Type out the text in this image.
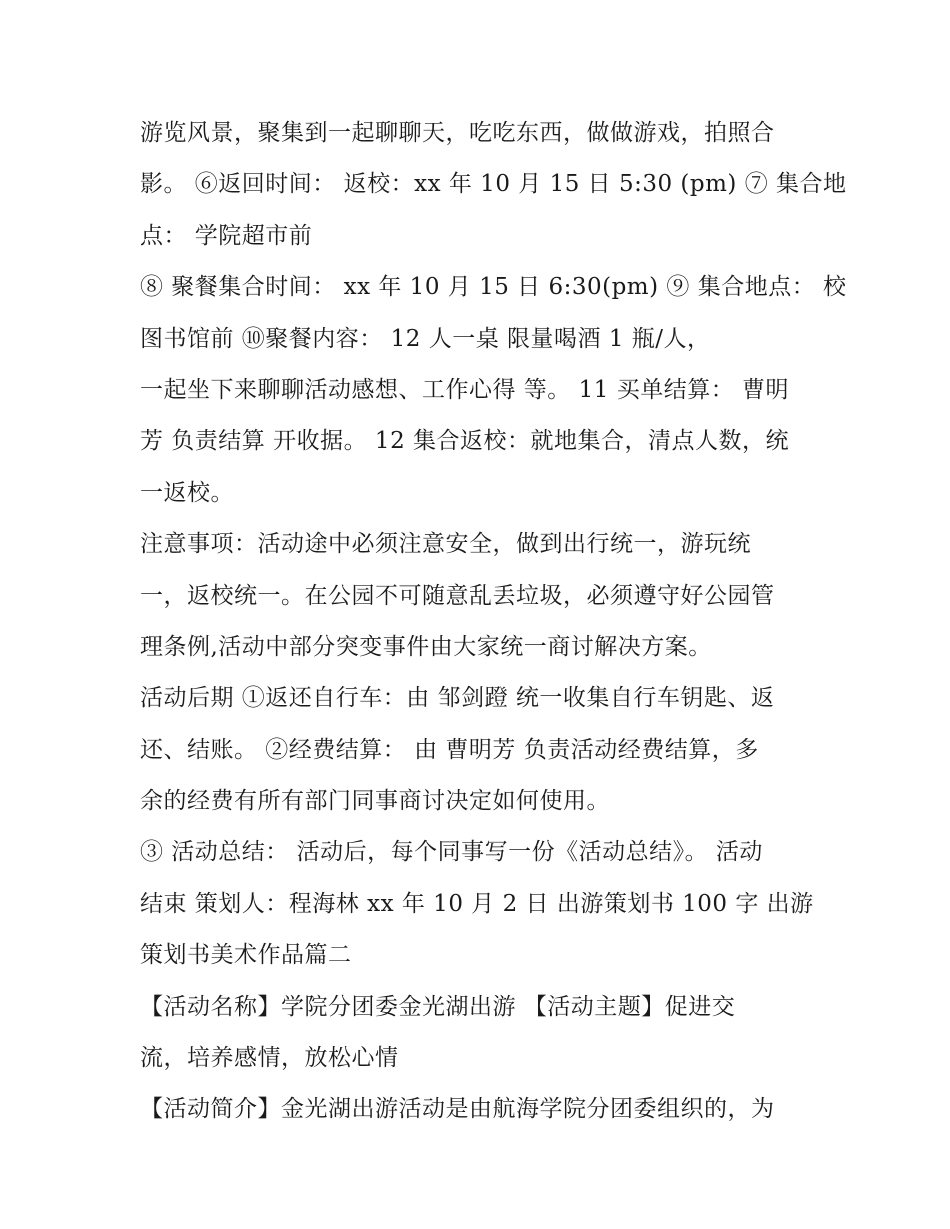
游览风景，聚集到一起聊聊天，吃吃东西，做做游戏，拍照合
影。 ⑥返回时间： 返校：xx 年 10 月 15 日 5:30 (pm) ⑦ 集合地
点： 学院超市前
⑧ 聚餐集合时间： xx 年 10 月 15 日 6:30(pm) ⑨ 集合地点： 校
图书馆前 ⑩聚餐内容： 12 人一桌 限量喝酒 1 瓶/人，
一起坐下来聊聊活动感想、工作心得 等。 11 买单结算： 曹明
芳 负责结算 开收据。 12 集合返校：就地集合，清点人数，统
一返校。
注意事项：活动途中必须注意安全，做到出行统一，游玩统
一，返校统一。在公园不可随意乱丢垃圾，必须遵守好公园管
理条例,活动中部分突变事件由大家统一商讨解决方案。
活动后期 ①返还自行车：由 邹剑蹬 统一收集自行车钥匙、返
还、结账。 ②经费结算： 由 曹明芳 负责活动经费结算，多
余的经费有所有部门同事商讨决定如何使用。
③ 活动总结： 活动后，每个同事写一份《活动总结》。 活动
结束 策划人：程海林 xx 年 10 月 2 日 出游策划书 100 字 出游
策划书美术作品篇二
【活动名称】学院分团委金光湖出游 【活动主题】促进交
流，培养感情，放松心情
【活动简介】金光湖出游活动是由航海学院分团委组织的，为
